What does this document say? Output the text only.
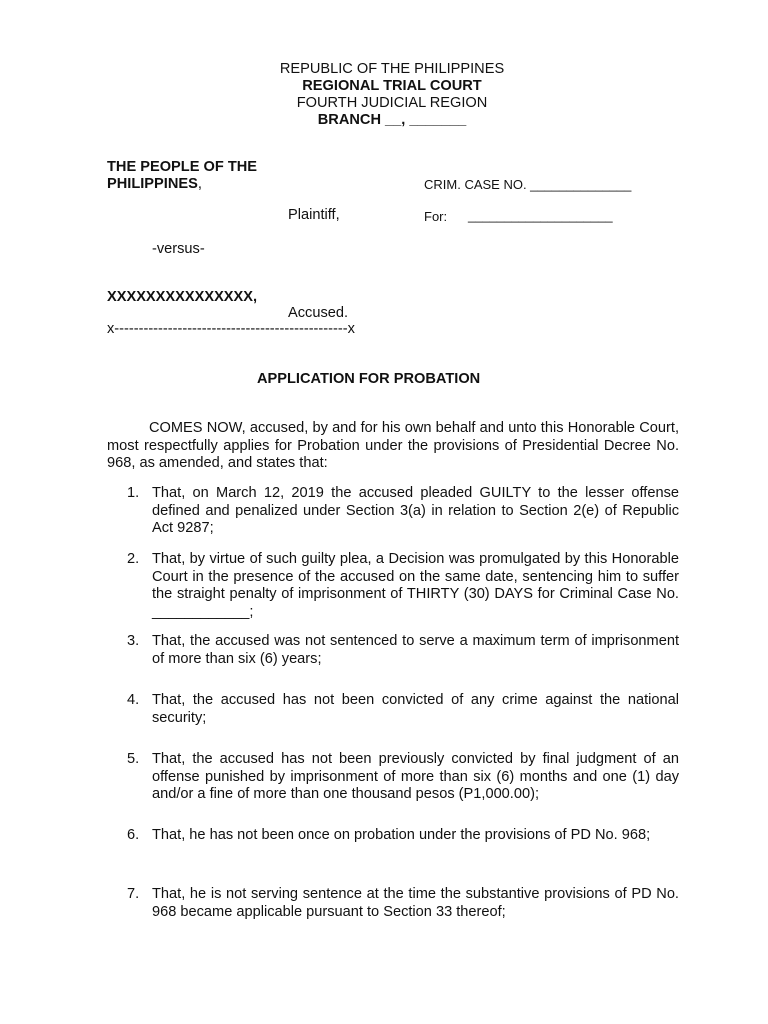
REPUBLIC OF THE PHILIPPINES
REGIONAL TRIAL COURT
FOURTH JUDICIAL REGION
BRANCH __, _______
THE PEOPLE OF THE
PHILIPPINES,	CRIM. CASE NO. ______________
Plaintiff,	For: ____________________
-versus-
XXXXXXXXXXXXXXX,
Accused.
x------------------------------------------------x
APPLICATION FOR PROBATION

COMES NOW, accused, by and for his own behalf and unto this Honorable Court, most respectfully applies for Probation under the provisions of Presidential Decree No. 968, as amended, and states that:

1. That, on March 12, 2019 the accused pleaded GUILTY to the lesser offense defined and penalized under Section 3(a) in relation to Section 2(e) of Republic Act 9287;
2. That, by virtue of such guilty plea, a Decision was promulgated by this Honorable Court in the presence of the accused on the same date, sentencing him to suffer the straight penalty of imprisonment of THIRTY (30) DAYS for Criminal Case No. ____________;
3. That, the accused was not sentenced to serve a maximum term of imprisonment of more than six (6) years;
4. That, the accused has not been convicted of any crime against the national security;
5. That, the accused has not been previously convicted by final judgment of an offense punished by imprisonment of more than six (6) months and one (1) day and/or a fine of more than one thousand pesos (P1,000.00);
6. That, he has not been once on probation under the provisions of PD No. 968;
7. That, he is not serving sentence at the time the substantive provisions of PD No. 968 became applicable pursuant to Section 33 thereof;
